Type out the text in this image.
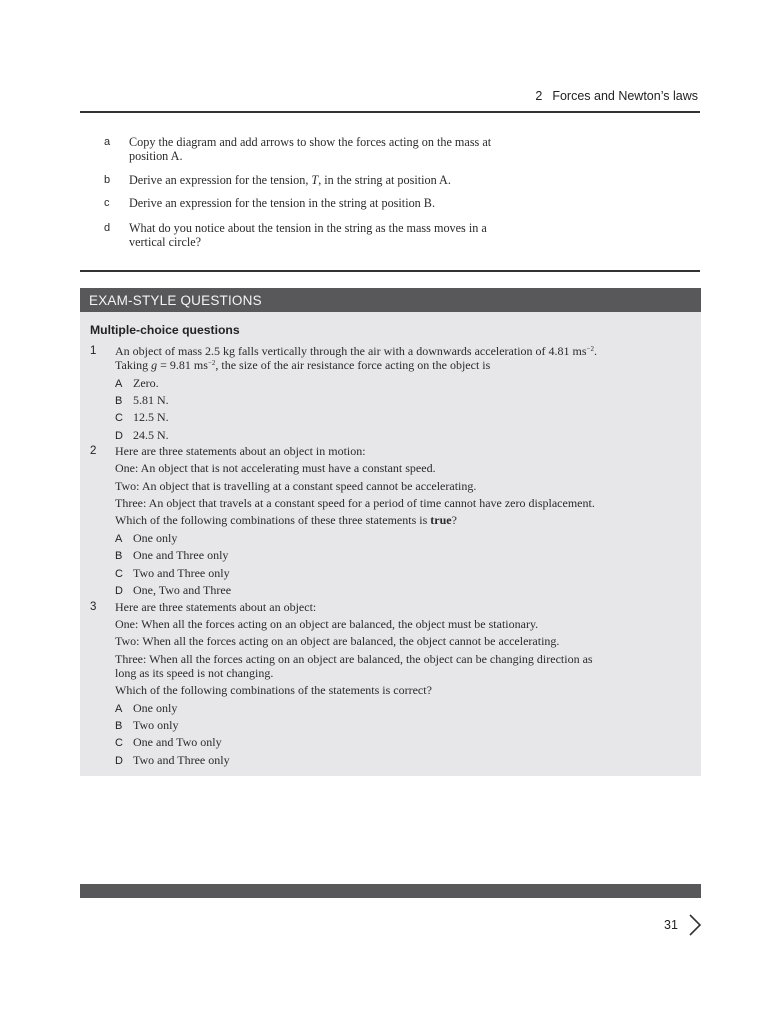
2 Forces and Newton’s laws
a Copy the diagram and add arrows to show the forces acting on the mass at
position A.
b Derive an expression for the tension, T, in the string at position A.
c Derive an expression for the tension in the string at position B.
d What do you notice about the tension in the string as the mass moves in a
vertical circle?
EXAM-STYLE QUESTIONS
Multiple-choice questions
1 An object of mass 2.5 kg falls vertically through the air with a downwards acceleration of 4.81 $ms^{-2}$.
Taking g = 9.81 $ms^{-2}$, the size of the air resistance force acting on the object is
A Zero.
B 5.81 N.
C 12.5 N.
D 24.5 N.
2 Here are three statements about an object in motion:
One: An object that is not accelerating must have a constant speed.
Two: An object that is travelling at a constant speed cannot be accelerating.
Three: An object that travels at a constant speed for a period of time cannot have zero displacement.
Which of the following combinations of these three statements is true?
A One only
B One and Three only
C Two and Three only
D One, Two and Three
3 Here are three statements about an object:
One: When all the forces acting on an object are balanced, the object must be stationary.
Two: When all the forces acting on an object are balanced, the object cannot be accelerating.
Three: When all the forces acting on an object are balanced, the object can be changing direction as
long as its speed is not changing.
Which of the following combinations of the statements is correct?
A One only
B Two only
C One and Two only
D Two and Three only
31
